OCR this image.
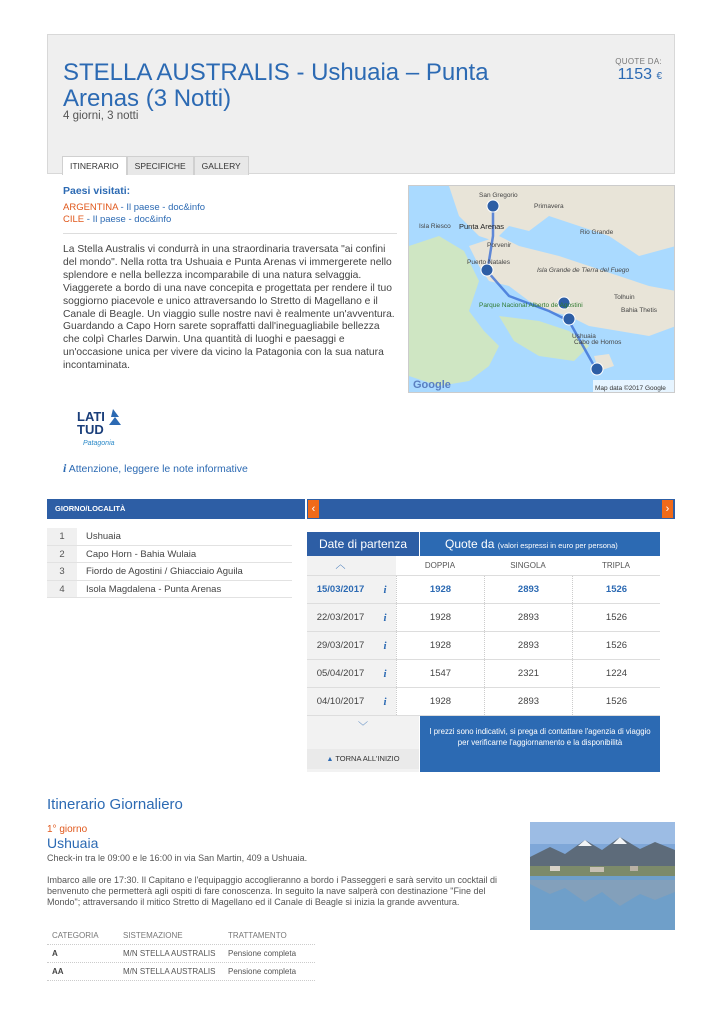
STELLA AUSTRALIS - Ushuaia – Punta Arenas (3 Notti)
4 giorni, 3 notti
QUOTE DA:
1153 €
ITINERARIO	SPECIFICHE	GALLERY
Paesi visitati:
ARGENTINA - Il paese - doc&info
CILE - Il paese - doc&info
La Stella Australis vi condurrà in una straordinaria traversata "ai confini del mondo". Nella rotta tra Ushuaia e Punta Arenas vi immergerete nello splendore e nella bellezza incomparabile di una natura selvaggia. Viaggerete a bordo di una nave concepita e progettata per rendere il tuo soggiorno piacevole e unico attraversando lo Stretto di Magellano e il Canale di Beagle. Un viaggio sulle nostre navi è realmente un'avventura. Guardando a Capo Horn sarete sopraffatti dall'ineguagliabile bellezza che colpì Charles Darwin. Una quantità di luoghi e paesaggi e un'occasione unica per vivere da vicino la Patagonia con la sua natura incontaminata.
San Gregorio
Primavera
Isla Riesco Punta Arenas
Porvenir
Puerto Natales
Rio Grande
Isla Grande de Tierra del Fuego
Tolhuin
Bahia Thetis
Parque Nacional Alberto de Agostini
Ushuaia
Cabo de Hornos
Google	Map data ©2017 Google
LATI
TUD
Patagonia
i Attenzione, leggere le note informative
GIORNO/LOCALITÀ
1	Ushuaia
2	Capo Horn - Bahia Wulaia
3	Fiordo de Agostini / Ghiacciaio Aguila
4	Isola Magdalena - Punta Arenas
‹	›
Date di partenza	Quote da (valori espressi in euro per persona)
︿	DOPPIA	SINGOLA	TRIPLA
15/03/2017	i	1928	2893	1526
22/03/2017	i	1928	2893	1526
29/03/2017	i	1928	2893	1526
05/04/2017	i	1547	2321	1224
04/10/2017	i	1928	2893	1526
﹀
▲ TORNA ALL'INIZIO
I prezzi sono indicativi, si prega di contattare l'agenzia di viaggio per verificarne l'aggiornamento e la disponibilità
Itinerario Giornaliero
1° giorno
Ushuaia
Check-in tra le 09:00 e le 16:00 in via San Martin, 409 a Ushuaia.
Imbarco alle ore 17:30. Il Capitano e l'equipaggio accoglieranno a bordo i Passeggeri e sarà servito un cocktail di benvenuto che permetterà agli ospiti di fare conoscenza. In seguito la nave salperà con destinazione "Fine del Mondo"; attraversando il mitico Stretto di Magellano ed il Canale di Beagle si inizia la grande avventura.
CATEGORIA	SISTEMAZIONE	TRATTAMENTO
A	M/N STELLA AUSTRALIS	Pensione completa
AA	M/N STELLA AUSTRALIS	Pensione completa
